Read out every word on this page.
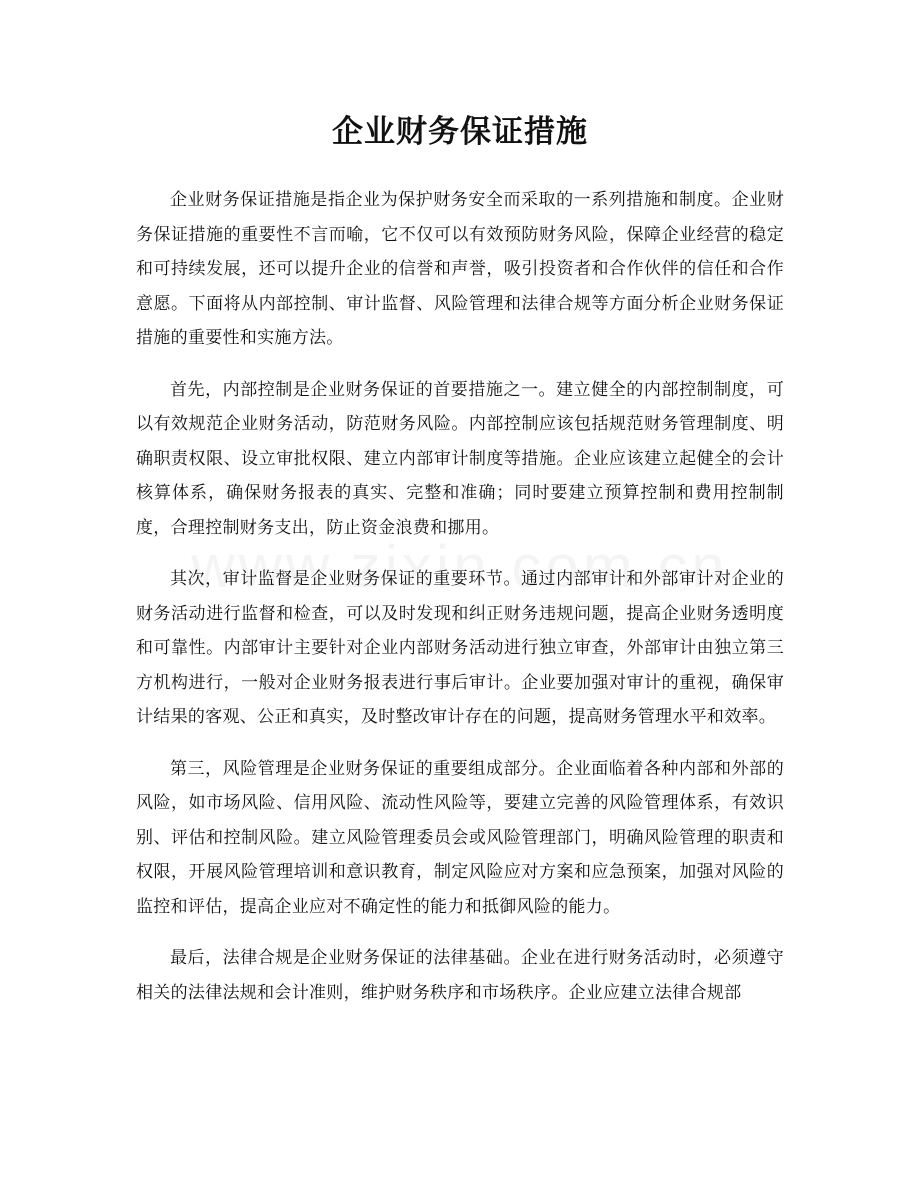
企业财务保证措施

企业财务保证措施是指企业为保护财务安全而采取的一系列措施和制度。企业财务保证措施的重要性不言而喻，它不仅可以有效预防财务风险，保障企业经营的稳定和可持续发展，还可以提升企业的信誉和声誉，吸引投资者和合作伙伴的信任和合作意愿。下面将从内部控制、审计监督、风险管理和法律合规等方面分析企业财务保证措施的重要性和实施方法。

首先，内部控制是企业财务保证的首要措施之一。建立健全的内部控制制度，可以有效规范企业财务活动，防范财务风险。内部控制应该包括规范财务管理制度、明确职责权限、设立审批权限、建立内部审计制度等措施。企业应该建立起健全的会计核算体系，确保财务报表的真实、完整和准确；同时要建立预算控制和费用控制制度，合理控制财务支出，防止资金浪费和挪用。

其次，审计监督是企业财务保证的重要环节。通过内部审计和外部审计对企业的财务活动进行监督和检查，可以及时发现和纠正财务违规问题，提高企业财务透明度和可靠性。内部审计主要针对企业内部财务活动进行独立审查，外部审计由独立第三方机构进行，一般对企业财务报表进行事后审计。企业要加强对审计的重视，确保审计结果的客观、公正和真实，及时整改审计存在的问题，提高财务管理水平和效率。

第三，风险管理是企业财务保证的重要组成部分。企业面临着各种内部和外部的风险，如市场风险、信用风险、流动性风险等，要建立完善的风险管理体系，有效识别、评估和控制风险。建立风险管理委员会或风险管理部门，明确风险管理的职责和权限，开展风险管理培训和意识教育，制定风险应对方案和应急预案，加强对风险的监控和评估，提高企业应对不确定性的能力和抵御风险的能力。

最后，法律合规是企业财务保证的法律基础。企业在进行财务活动时，必须遵守相关的法律法规和会计准则，维护财务秩序和市场秩序。企业应建立法律合规部
